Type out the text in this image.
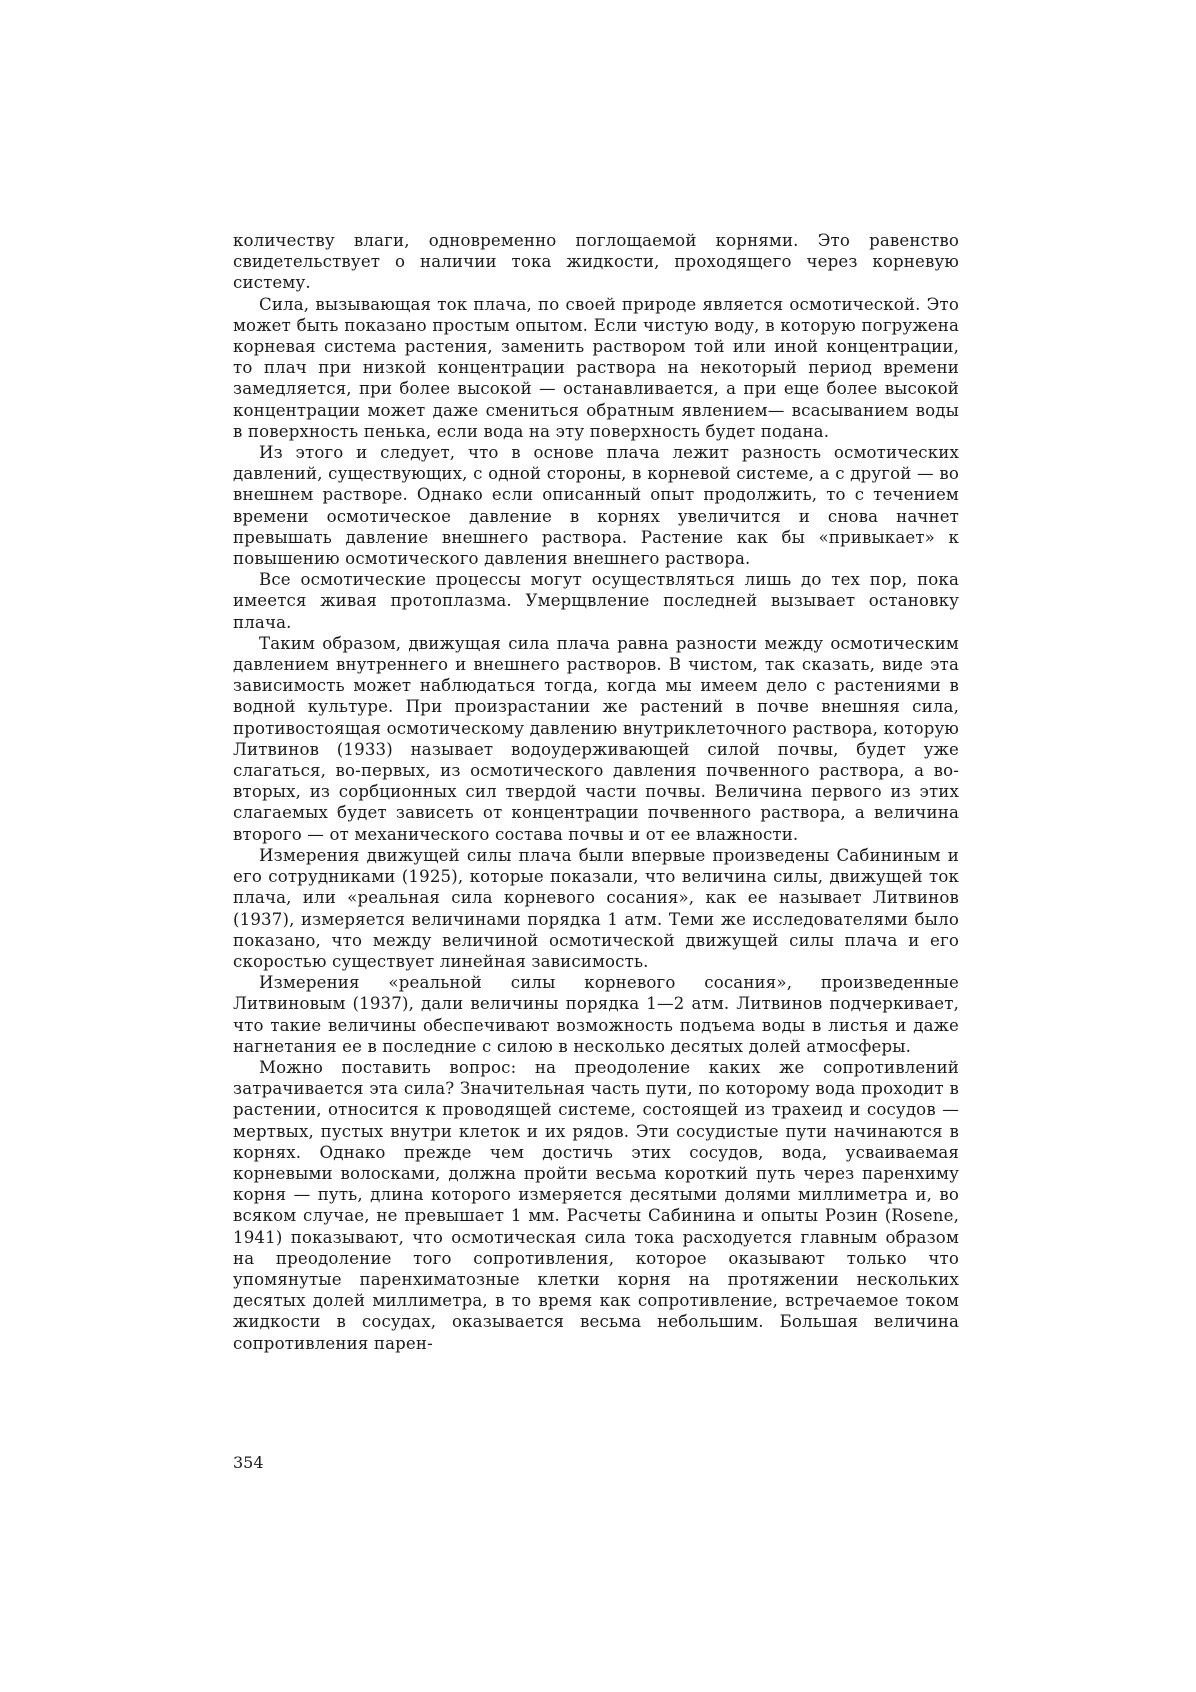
количеству влаги, одновременно поглощаемой корнями. Это равенство свидетельствует о наличии тока жидкости, проходящего через корневую систему.

Сила, вызывающая ток плача, по своей природе является осмотической. Это может быть показано простым опытом. Если чистую воду, в которую погружена корневая система растения, заменить раствором той или иной концентрации, то плач при низкой концентрации раствора на некоторый период времени замедляется, при более высокой — останавливается, а при еще более высокой концентрации может даже смениться обратным явлением— всасыванием воды в поверхность пенька, если вода на эту поверхность будет подана.

Из этого и следует, что в основе плача лежит разность осмотических давлений, существующих, с одной стороны, в корневой системе, а с другой — во внешнем растворе. Однако если описанный опыт продолжить, то с течением времени осмотическое давление в корнях увеличится и снова начнет превышать давление внешнего раствора. Растение как бы «привыкает» к повышению осмотического давления внешнего раствора.

Все осмотические процессы могут осуществляться лишь до тех пор, пока имеется живая протоплазма. Умерщвление последней вызывает остановку плача.

Таким образом, движущая сила плача равна разности между осмотическим давлением внутреннего и внешнего растворов. В чистом, так сказать, виде эта зависимость может наблюдаться тогда, когда мы имеем дело с растениями в водной культуре. При произрастании же растений в почве внешняя сила, противостоящая осмотическому давлению внутриклеточного раствора, которую Литвинов (1933) называет водоудерживающей силой почвы, будет уже слагаться, во-первых, из осмотического давления почвенного раствора, а во-вторых, из сорбционных сил твердой части почвы. Величина первого из этих слагаемых будет зависеть от концентрации почвенного раствора, а величина второго — от механического состава почвы и от ее влажности.

Измерения движущей силы плача были впервые произведены Сабининым и его сотрудниками (1925), которые показали, что величина силы, движущей ток плача, или «реальная сила корневого сосания», как ее называет Литвинов (1937), измеряется величинами порядка 1 атм. Теми же исследователями было показано, что между величиной осмотической движущей силы плача и его скоростью существует линейная зависимость.

Измерения «реальной силы корневого сосания», произведенные Литвиновым (1937), дали величины порядка 1—2 атм. Литвинов подчеркивает, что такие величины обеспечивают возможность подъема воды в листья и даже нагнетания ее в последние с силою в несколько десятых долей атмосферы.

Можно поставить вопрос: на преодоление каких же сопротивлений затрачивается эта сила? Значительная часть пути, по которому вода проходит в растении, относится к проводящей системе, состоящей из трахеид и сосудов — мертвых, пустых внутри клеток и их рядов. Эти сосудистые пути начинаются в корнях. Однако прежде чем достичь этих сосудов, вода, усваиваемая корневыми волосками, должна пройти весьма короткий путь через паренхиму корня — путь, длина которого измеряется десятыми долями миллиметра и, во всяком случае, не превышает 1 мм. Расчеты Сабинина и опыты Розин (Rosene, 1941) показывают, что осмотическая сила тока расходуется главным образом на преодоление того сопротивления, которое оказывают только что упомянутые паренхиматозные клетки корня на протяжении нескольких десятых долей миллиметра, в то время как сопротивление, встречаемое током жидкости в сосудах, оказывается весьма небольшим. Большая величина сопротивления парен-

354
